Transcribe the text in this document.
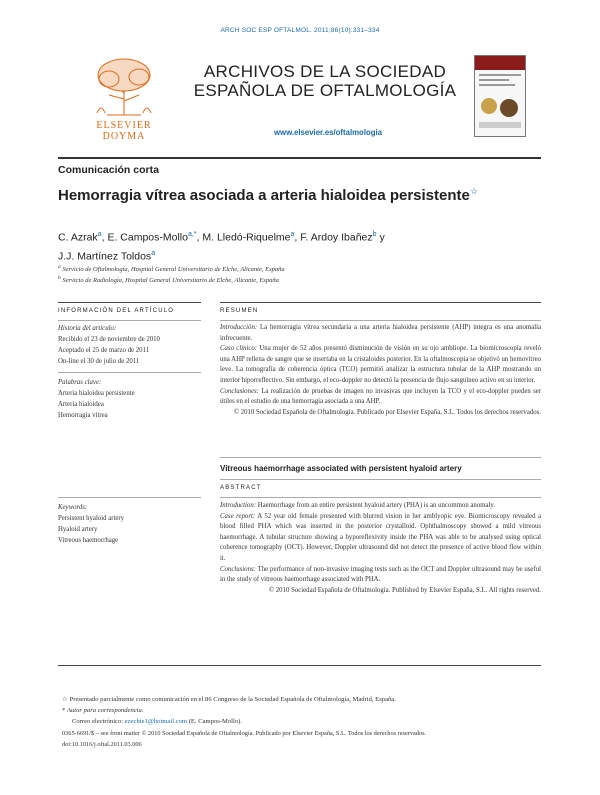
ARCH SOC ESP OFTALMOL. 2011;86(10):331–334
ELSEVIER
DOYMA
ARCHIVOS DE LA SOCIEDAD
ESPAÑOLA DE OFTALMOLOGÍA
www.elsevier.es/oftalmologia
Comunicación corta
Hemorragia vítrea asociada a arteria hialoidea persistente☆
C. Azrak$^a$, E. Campos-Mollo$^{a,*}$, M. Lledó-Riquelme$^a$, F. Ardoy Ibañez$^b$ y
J.J. Martínez Toldos$^a$
$^a$ Servicio de Oftalmología, Hospital General Universitario de Elche, Alicante, España
$^b$ Servicio de Radiología, Hospital General Universitario de Elche, Alicante, España
INFORMACIÓN DEL ARTÍCULO
Historia del artículo:
Recibido el 23 de noviembre de 2010
Aceptado el 25 de marzo de 2011
On-line el 30 de julio de 2011
Palabras clave:
Arteria hialoidea persistente
Arteria hialoidea
Hemorragia vítrea
Keywords:
Persistent hyaloid artery
Hyaloid artery
Vitreous haemorrhage
RESUMEN

Introducción: La hemorragia vítrea secundaria a una arteria hialoidea persistente (AHP) integra es una anomalía infrecuente.

Caso clínico: Una mujer de 52 años presentó disminución de visión en su ojo ambliope. La biomicroscopía reveló una AHP rellena de sangre que se insertaba en la cristaloides posterior. En la oftalmoscopia se objetivó un hemovítreo leve. La tomografía de coherencia óptica (TCO) permitió analizar la estructura tubular de la AHP mostrando un interior hiporreflectivo. Sin embargo, el eco-doppler no detectó la presencia de flujo sanguíneo activo en su interior.

Conclusiones: La realización de pruebas de imagen no invasivas que incluyen la TCO y el eco-doppler pueden ser útiles en el estudio de una hemorragia asociada a una AHP.

© 2010 Sociedad Española de Oftalmología. Publicado por Elsevier España, S.L. Todos los derechos reservados.

Vitreous haemorrhage associated with persistent hyaloid artery
ABSTRACT

Introduction: Haemorrhage from an entire persistent hyaloid artery (PHA) is an uncommon anomaly.

Case report: A 52 year old female presented with blurred vision in her amblyopic eye. Biomicroscopy revealed a blood filled PHA which was inserted in the posterior crystalloid. Ophthalmoscopy showed a mild vitreous haemorrhage. A tubular structure showing a hyporeflexivity inside the PHA was able to be analysed using optical coherence tomography (OCT). However, Doppler ultrasound did not detect the presence of active blood flow within it.

Conclusions: The performance of non-invasive imaging tests such as the OCT and Doppler ultrasound may be useful in the study of vitreous haemorrhage associated with PHA.

© 2010 Sociedad Española de Oftalmología. Published by Elsevier España, S.L. All rights reserved.

☆ Presentado parcialmente como comunicación en el 86 Congreso de la Sociedad Española de Oftalmología, Madrid, España.
* Autor para correspondencia.
Correo electrónico: ezechie1@hotmail.com (E. Campos-Mollo).
0365-6691/$ – see front matter © 2010 Sociedad Española de Oftalmología. Publicado por Elsevier España, S.L. Todos los derechos reservados.
doi:10.1016/j.oftal.2011.03.006
